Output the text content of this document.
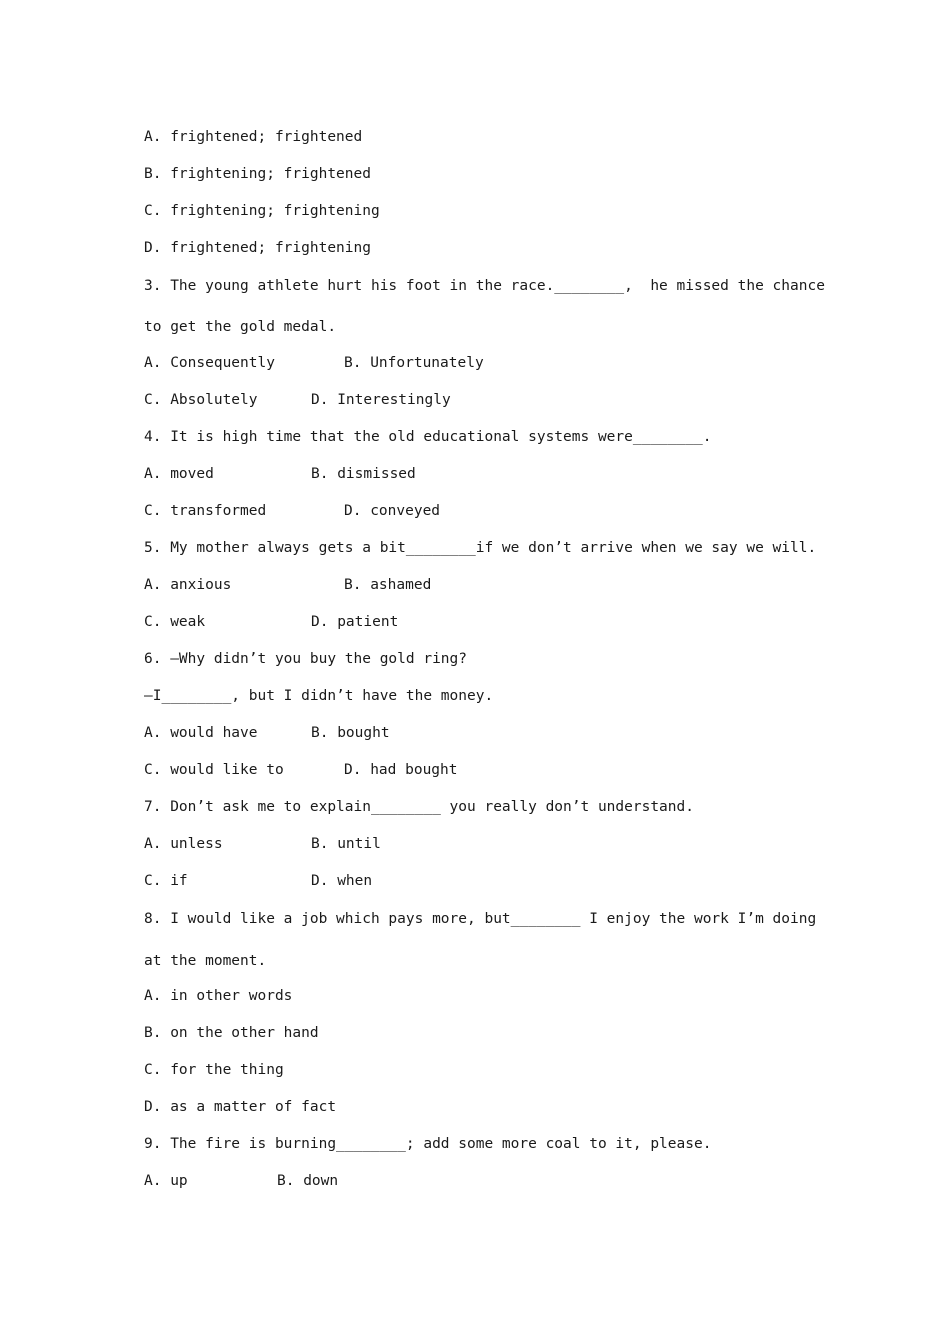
A. frightened; frightened
B. frightening; frightened
C. frightening; frightening
D. frightened; frightening
3. The young athlete hurt his foot in the race.________,  he missed the chance
to get the gold medal.
A. Consequently	B. Unfortunately
C. Absolutely	D. Interestingly
4. It is high time that the old educational systems were________.
A. moved	B. dismissed
C. transformed	D. conveyed
5. My mother always gets a bit________if we don’t arrive when we say we will.
A. anxious	B. ashamed
C. weak	D. patient
6. —Why didn’t you buy the gold ring?
—I________, but I didn’t have the money.
A. would have	B. bought
C. would like to	D. had bought
7. Don’t ask me to explain________ you really don’t understand.
A. unless	B. until
C. if	D. when
8. I would like a job which pays more, but________ I enjoy the work I’m doing
at the moment.
A. in other words
B. on the other hand
C. for the thing
D. as a matter of fact
9. The fire is burning________; add some more coal to it, please.
A. up	B. down
